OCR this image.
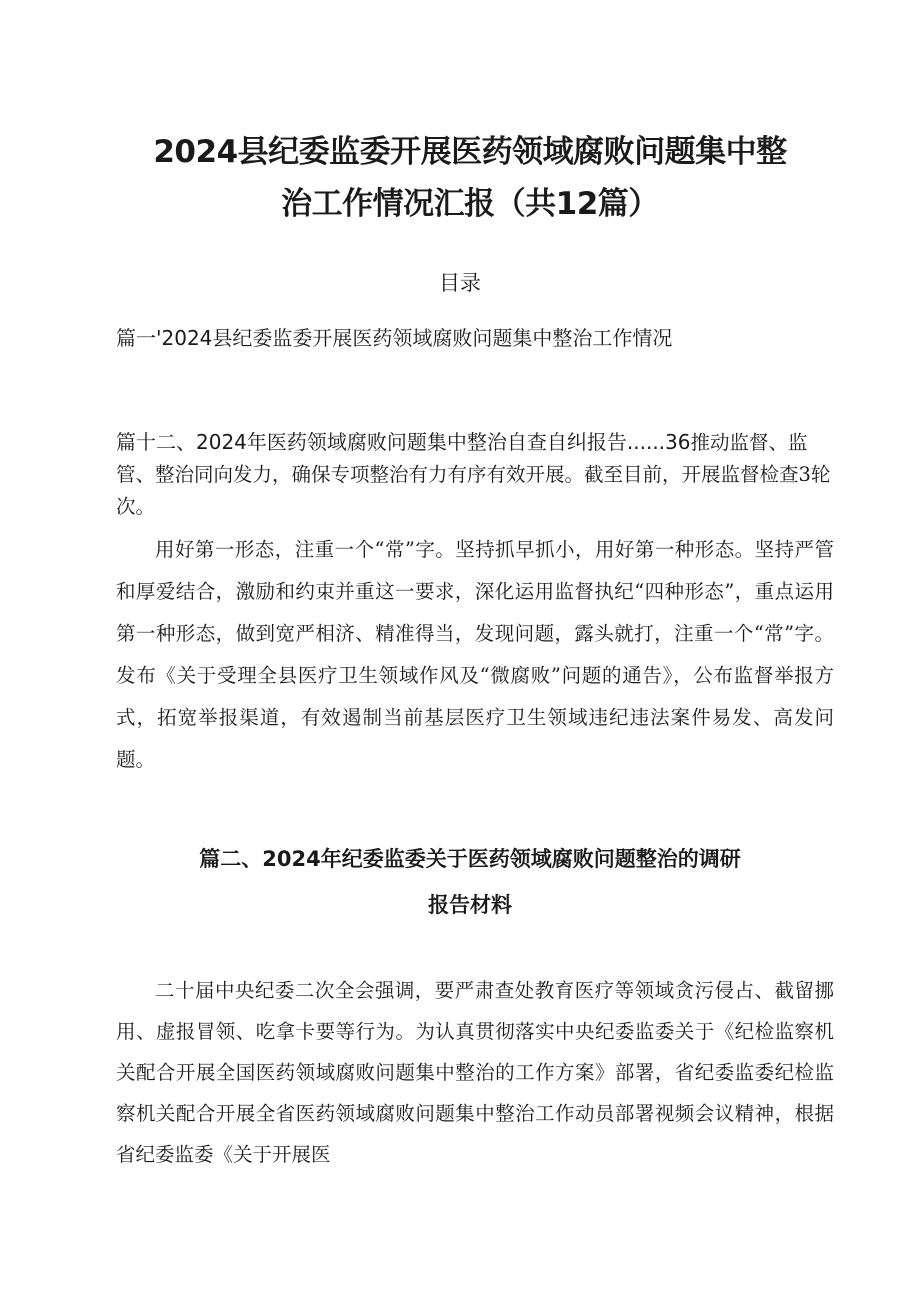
2024县纪委监委开展医药领域腐败问题集中整
治工作情况汇报（共12篇）

目录

篇一'2024县纪委监委开展医药领域腐败问题集中整治工作情况

篇十二、2024年医药领域腐败问题集中整治自查自纠报告......36推动监督、监管、整治同向发力，确保专项整治有力有序有效开展。截至目前，开展监督检查3轮次。

用好第一形态，注重一个“常”字。坚持抓早抓小，用好第一种形态。坚持严管和厚爱结合，激励和约束并重这一要求，深化运用监督执纪“四种形态”，重点运用第一种形态，做到宽严相济、精准得当，发现问题，露头就打，注重一个“常”字。发布《关于受理全县医疗卫生领域作风及“微腐败”问题的通告》，公布监督举报方式，拓宽举报渠道，有效遏制当前基层医疗卫生领域违纪违法案件易发、高发问题。

篇二、2024年纪委监委关于医药领域腐败问题整治的调研
报告材料

二十届中央纪委二次全会强调，要严肃查处教育医疗等领域贪污侵占、截留挪用、虚报冒领、吃拿卡要等行为。为认真贯彻落实中央纪委监委关于《纪检监察机关配合开展全国医药领域腐败问题集中整治的工作方案》部署，省纪委监委纪检监察机关配合开展全省医药领域腐败问题集中整治工作动员部署视频会议精神，根据省纪委监委《关于开展医
